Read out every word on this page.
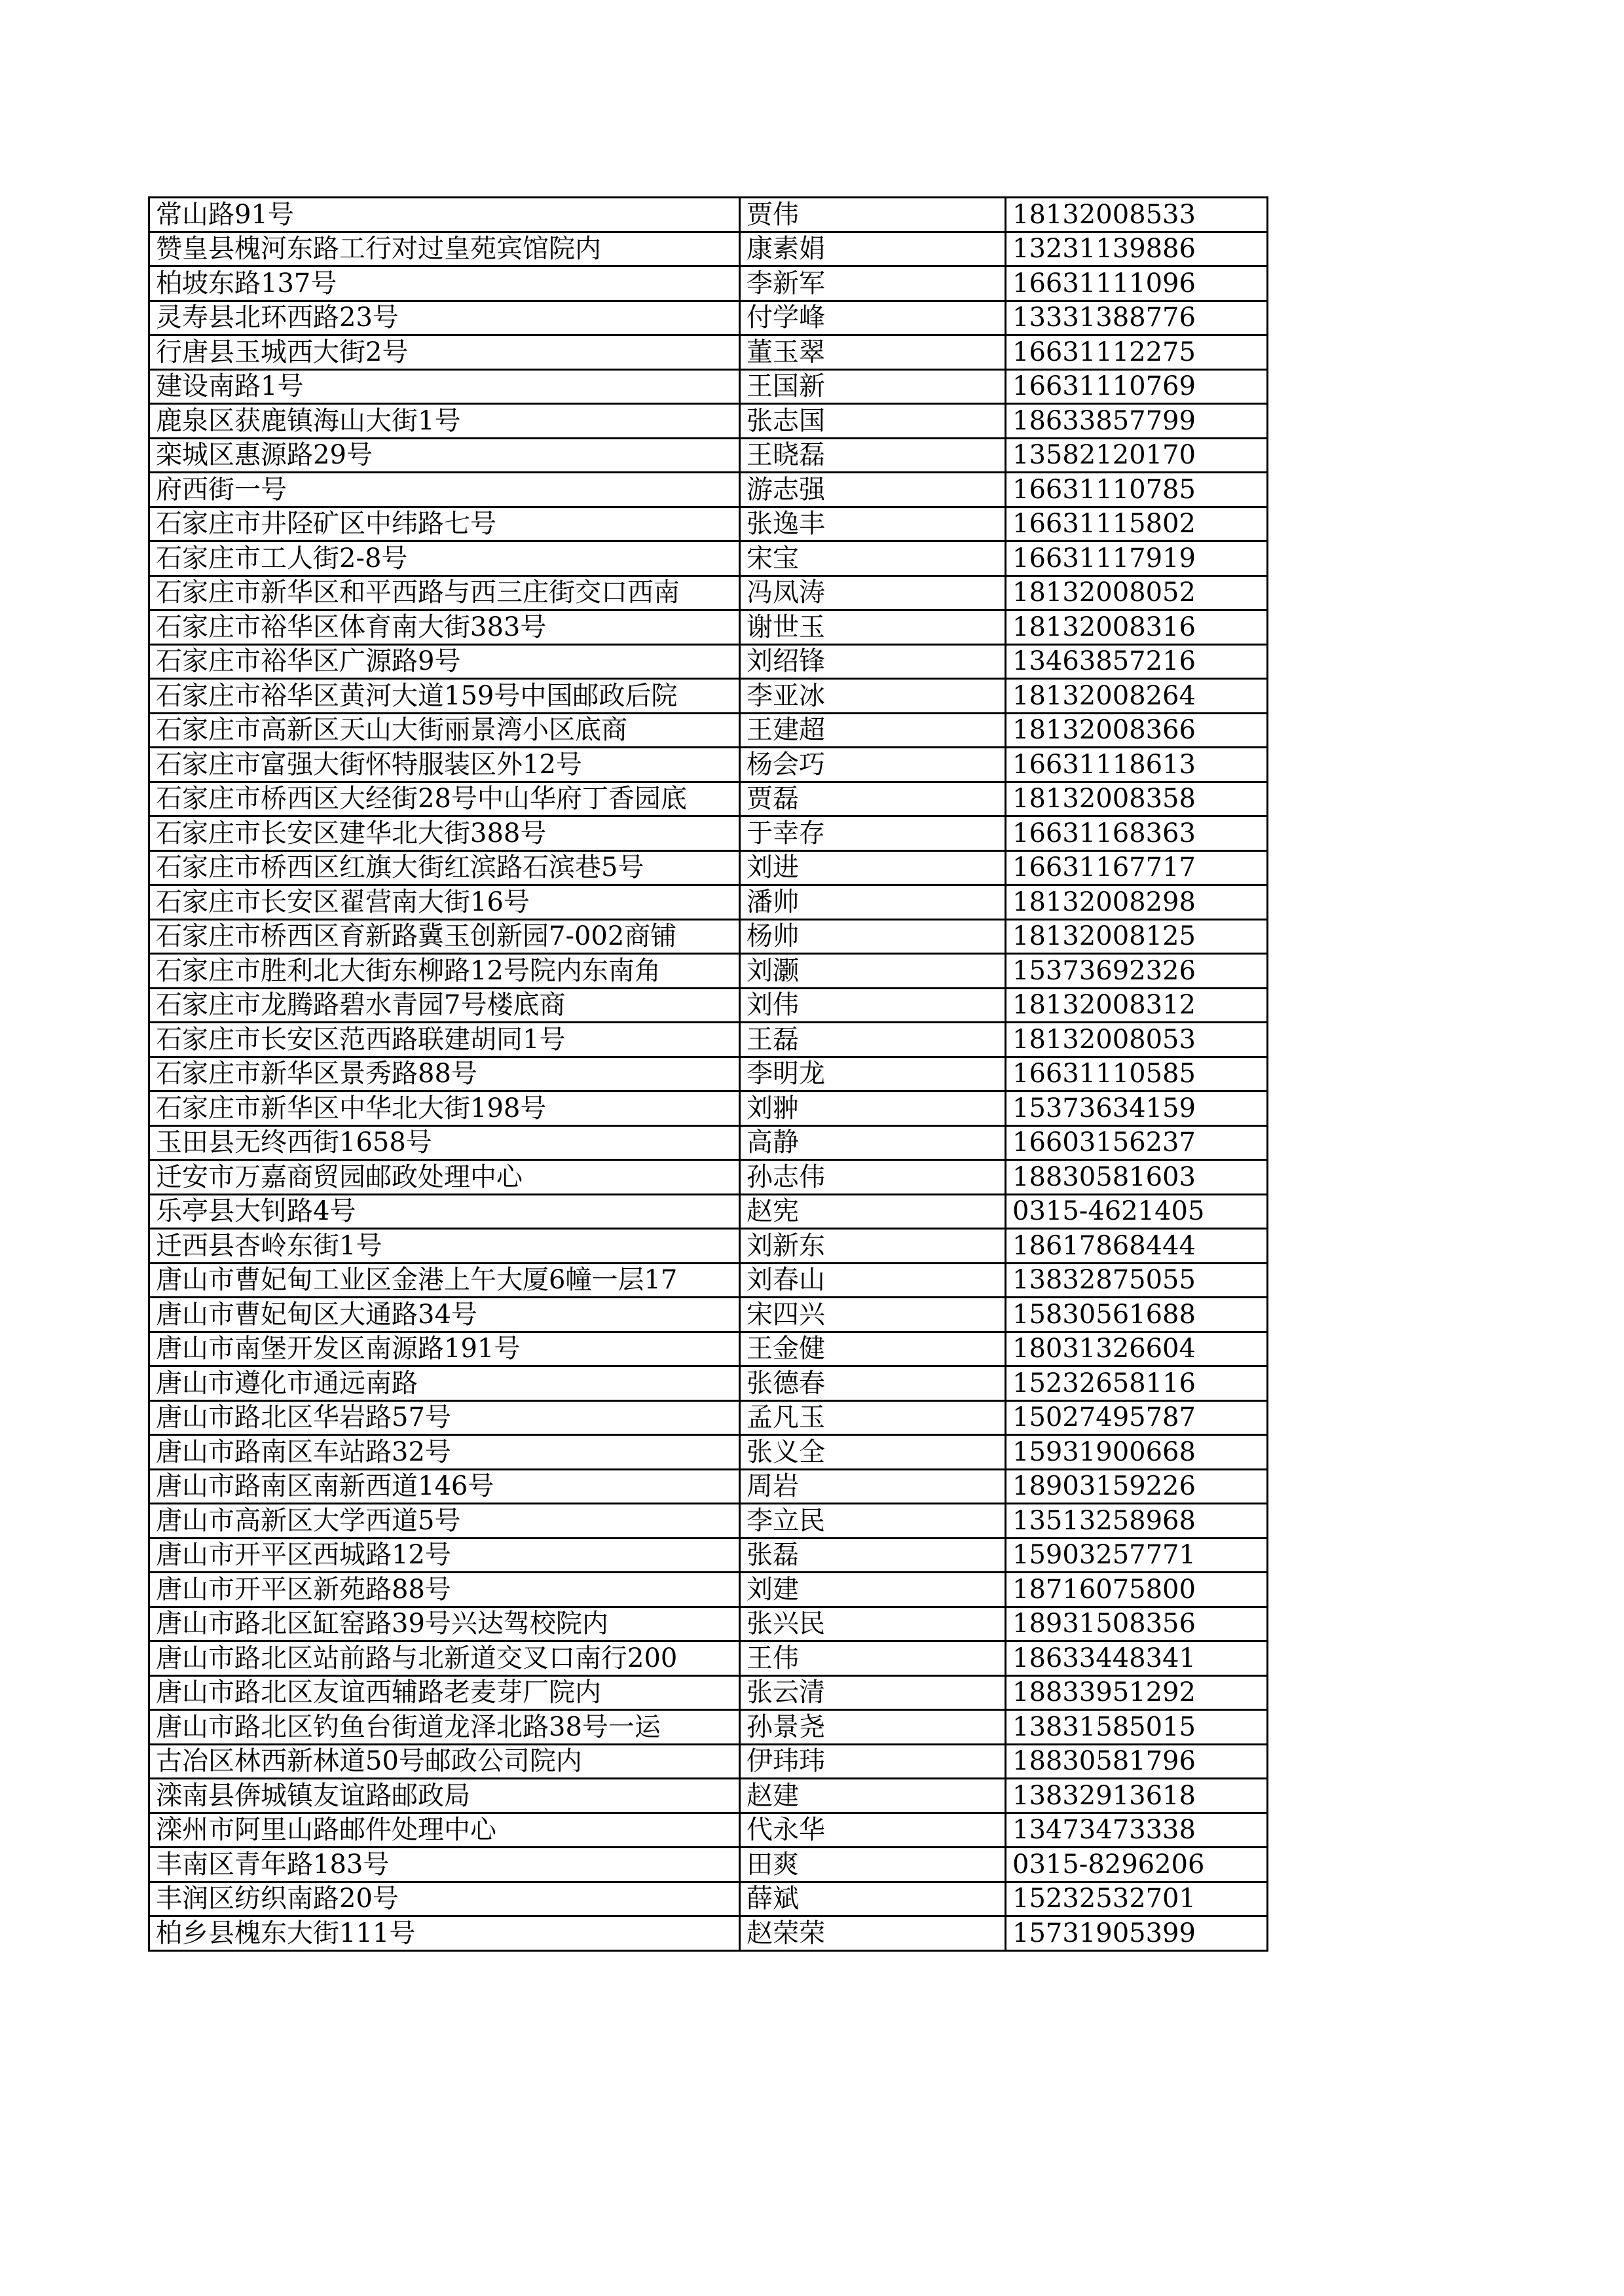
常山路91号	贾伟	18132008533
赞皇县槐河东路工行对过皇苑宾馆院内	康素娟	13231139886
柏坡东路137号	李新军	16631111096
灵寿县北环西路23号	付学峰	13331388776
行唐县玉城西大街2号	董玉翠	16631112275
建设南路1号	王国新	16631110769
鹿泉区获鹿镇海山大街1号	张志国	18633857799
栾城区惠源路29号	王晓磊	13582120170
府西街一号	游志强	16631110785
石家庄市井陉矿区中纬路七号	张逸丰	16631115802
石家庄市工人街2-8号	宋宝	16631117919
石家庄市新华区和平西路与西三庄街交口西南	冯凤涛	18132008052
石家庄市裕华区体育南大街383号	谢世玉	18132008316
石家庄市裕华区广源路9号	刘绍锋	13463857216
石家庄市裕华区黄河大道159号中国邮政后院	李亚冰	18132008264
石家庄市高新区天山大街丽景湾小区底商	王建超	18132008366
石家庄市富强大街怀特服装区外12号	杨会巧	16631118613
石家庄市桥西区大经街28号中山华府丁香园底	贾磊	18132008358
石家庄市长安区建华北大街388号	于幸存	16631168363
石家庄市桥西区红旗大街红滨路石滨巷5号	刘进	16631167717
石家庄市长安区翟营南大街16号	潘帅	18132008298
石家庄市桥西区育新路冀玉创新园7-002商铺	杨帅	18132008125
石家庄市胜利北大街东柳路12号院内东南角	刘灏	15373692326
石家庄市龙腾路碧水青园7号楼底商	刘伟	18132008312
石家庄市长安区范西路联建胡同1号	王磊	18132008053
石家庄市新华区景秀路88号	李明龙	16631110585
石家庄市新华区中华北大街198号	刘翀	15373634159
玉田县无终西街1658号	高静	16603156237
迁安市万嘉商贸园邮政处理中心	孙志伟	18830581603
乐亭县大钊路4号	赵宪	0315-4621405
迁西县杏岭东街1号	刘新东	18617868444
唐山市曹妃甸工业区金港上午大厦6幢一层17	刘春山	13832875055
唐山市曹妃甸区大通路34号	宋四兴	15830561688
唐山市南堡开发区南源路191号	王金健	18031326604
唐山市遵化市通远南路	张德春	15232658116
唐山市路北区华岩路57号	孟凡玉	15027495787
唐山市路南区车站路32号	张义全	15931900668
唐山市路南区南新西道146号	周岩	18903159226
唐山市高新区大学西道5号	李立民	13513258968
唐山市开平区西城路12号	张磊	15903257771
唐山市开平区新苑路88号	刘建	18716075800
唐山市路北区缸窑路39号兴达驾校院内	张兴民	18931508356
唐山市路北区站前路与北新道交叉口南行200	王伟	18633448341
唐山市路北区友谊西辅路老麦芽厂院内	张云清	18833951292
唐山市路北区钓鱼台街道龙泽北路38号一运	孙景尧	13831585015
古冶区林西新林道50号邮政公司院内	伊玮玮	18830581796
滦南县倴城镇友谊路邮政局	赵建	13832913618
滦州市阿里山路邮件处理中心	代永华	13473473338
丰南区青年路183号	田爽	0315-8296206
丰润区纺织南路20号	薛斌	15232532701
柏乡县槐东大街111号	赵荣荣	15731905399
